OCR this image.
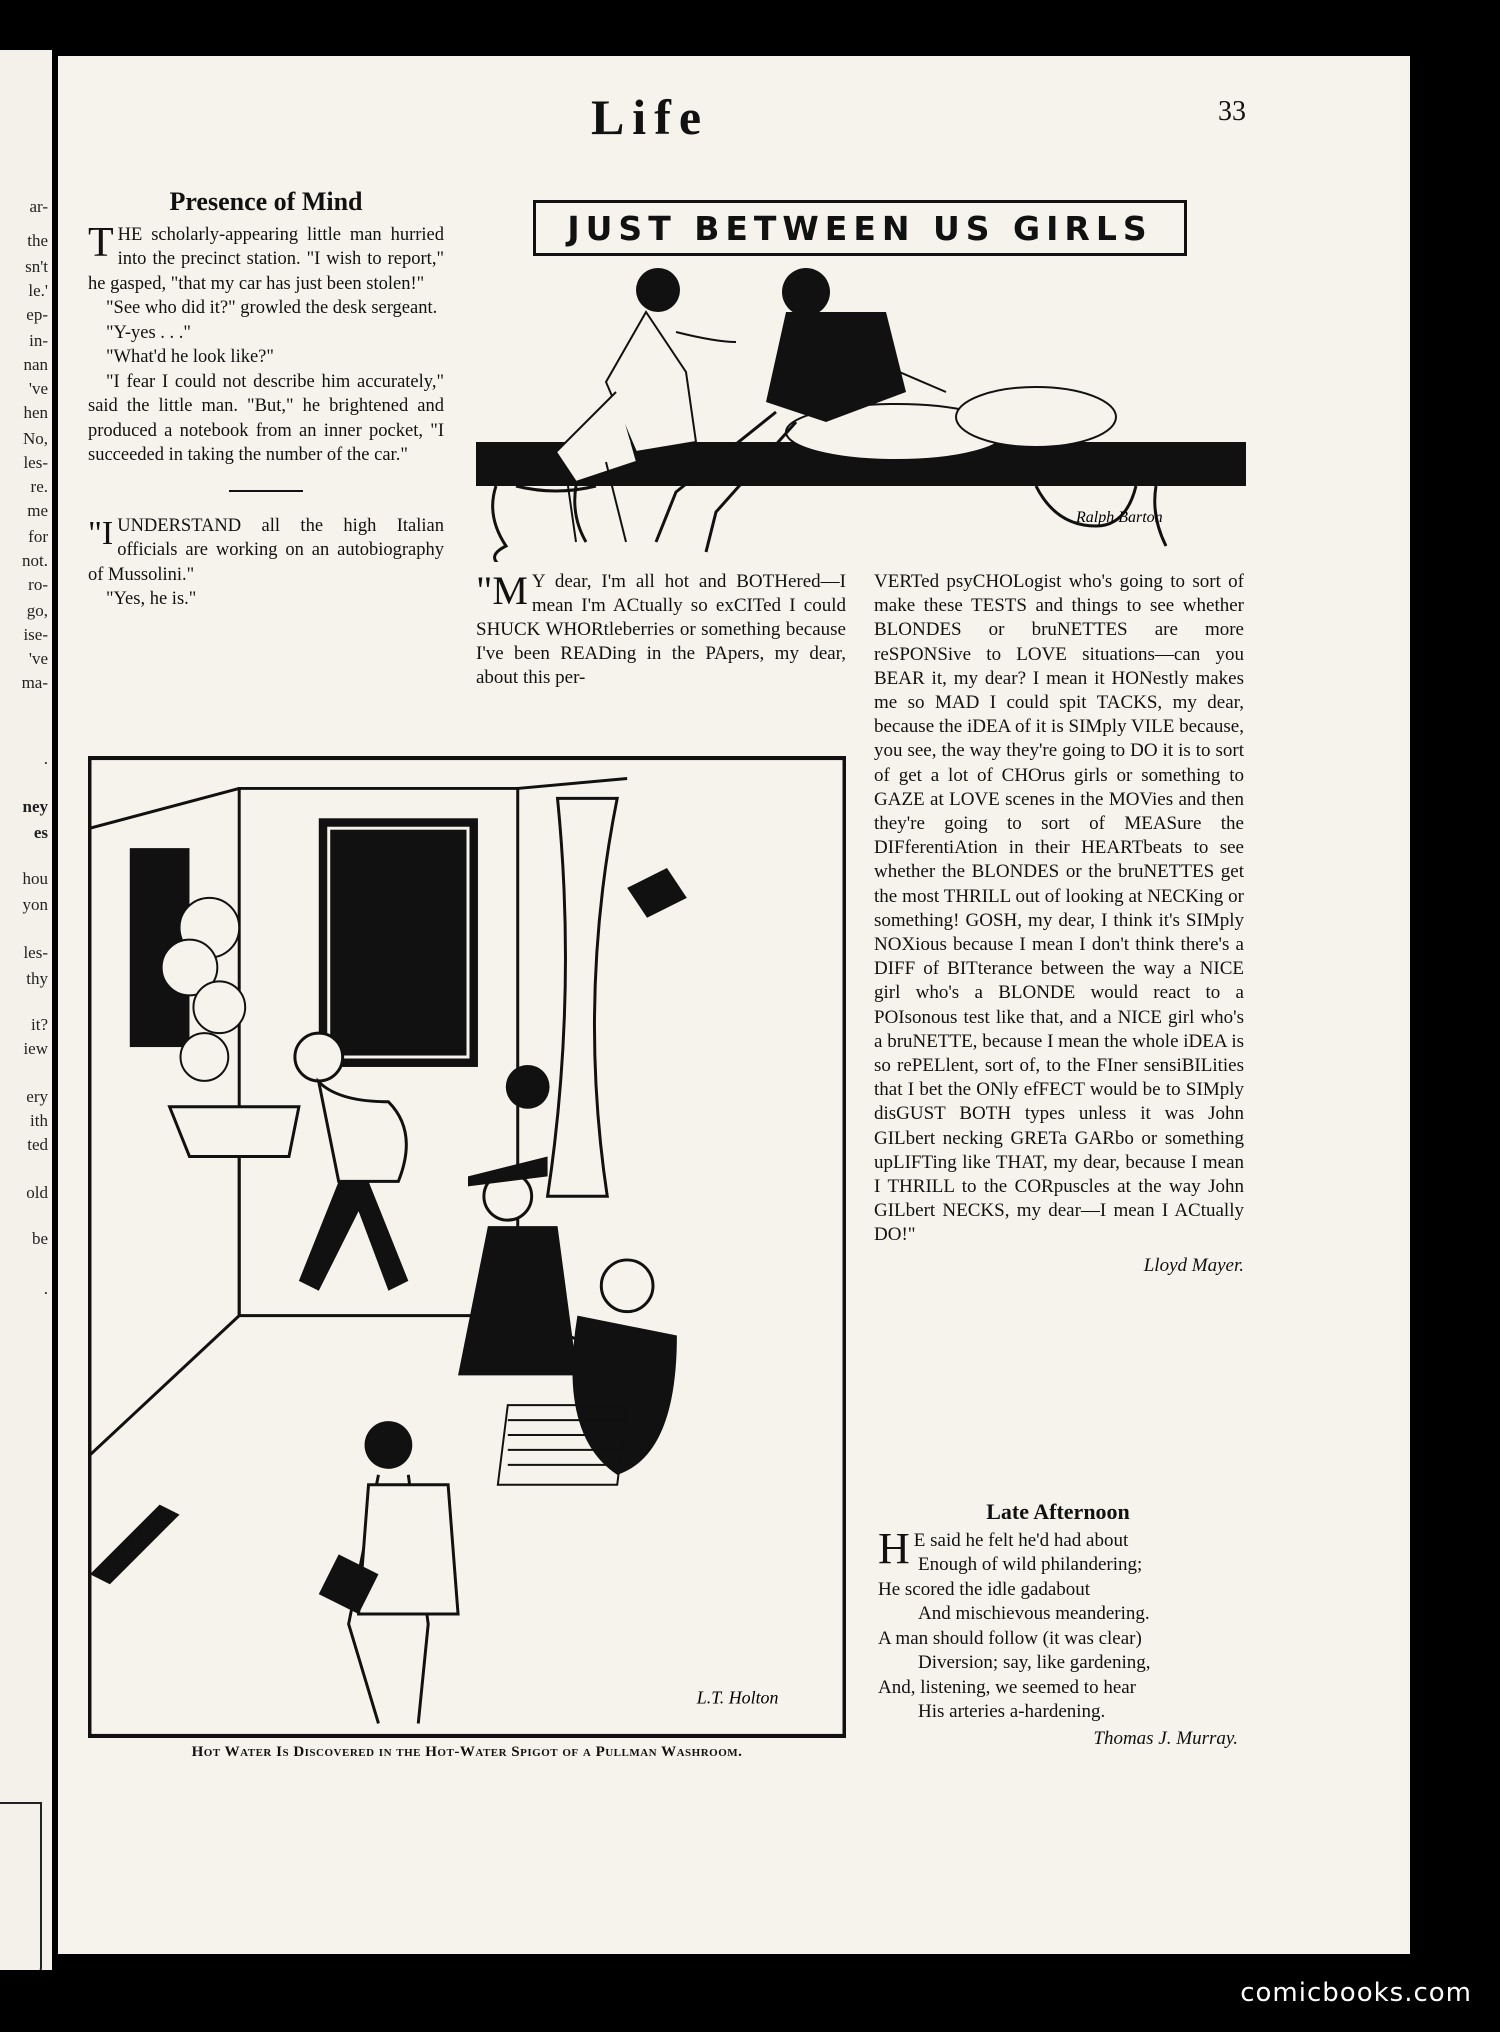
ar-
the
sn't
le.'
ep-
in-
nan
've
hen
No,
les-
re.
me
for
not.
ro-
go,
ise-
've
ma-
.
ney
es
hou
yon
les-
thy
it?
iew
ery
ith
ted
old
be
.
Life	33
Presence of Mind

THE scholarly-appearing little man hurried into the precinct station. "I wish to report," he gasped, "that my car has just been stolen!"

"See who did it?" growled the desk sergeant.

"Y-yes . . ."

"What'd he look like?"

"I fear I could not describe him accurately," said the little man. "But," he brightened and produced a notebook from an inner pocket, "I succeeded in taking the number of the car."

"IUNDERSTAND all the high Italian officials are working on an autobiography of Mussolini."

"Yes, he is."

JUST BETWEEN US GIRLS
Ralph Barton
"M Y dear, I'm all hot and BOTHered—I mean I'm ACtually so exCITed I could SHUCK WHORtleberries or something because I've been READing in the PApers, my dear, about this per-
VERTed psyCHOLogist who's going to sort of make these TESTS and things to see whether BLONDES or bruNETTES are more reSPONSive to LOVE situations—can you BEAR it, my dear? I mean it HONestly makes me so MAD I could spit TACKS, my dear, because the iDEA of it is SIMply VILE because, you see, the way they're going to DO it is to sort of get a lot of CHOrus girls or something to GAZE at LOVE scenes in the MOVies and then they're going to sort of MEASure the DIFferentiAtion in their HEARTbeats to see whether the BLONDES or the bruNETTES get the most THRILL out of looking at NECKing or something! GOSH, my dear, I think it's SIMply NOXious because I mean I don't think there's a DIFF of BITterance between the way a NICE girl who's a BLONDE would react to a POIsonous test like that, and a NICE girl who's a bruNETTE, because I mean the whole iDEA is so rePELlent, sort of, to the FIner sensiBILities that I bet the ONly efFECT would be to SIMply disGUST BOTH types unless it was John GILbert necking GRETa GARbo or something upLIFTing like THAT, my dear, because I mean I THRILL to the CORpuscles at the way John GILbert NECKS, my dear—I mean I ACtually DO!"
Lloyd Mayer.
L.T. Holton
Hot Water Is Discovered in the Hot-Water Spigot of a Pullman Washroom.
Late Afternoon
H E said he felt he'd had about
Enough of wild philandering;
He scored the idle gadabout
And mischievous meandering.
A man should follow (it was clear)
Diversion; say, like gardening,
And, listening, we seemed to hear
His arteries a-hardening.
Thomas J. Murray.
comicbooks.com
